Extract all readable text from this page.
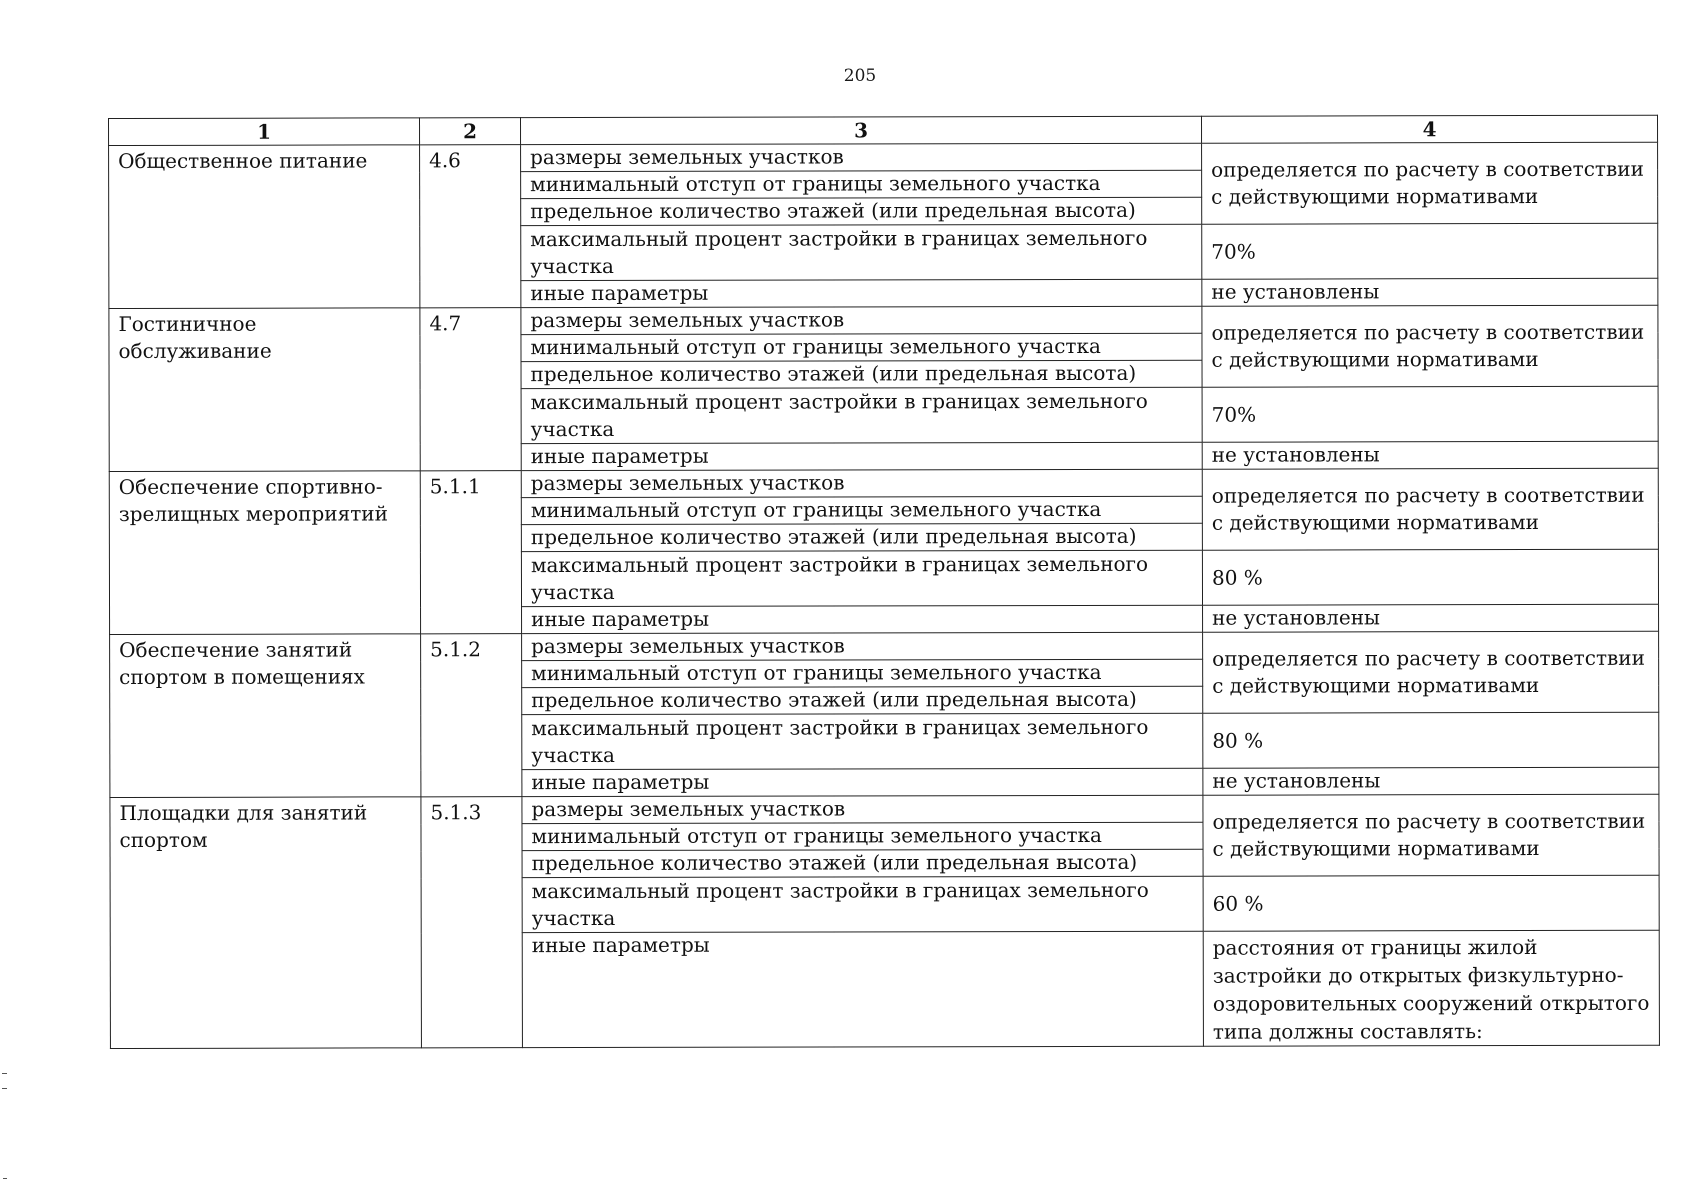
205
1	2	3	4
Общественное питание	4.6	размеры земельных участков	определяется по расчету в соответствии с действующими нормативами
		минимальный отступ от границы земельного участка	
		предельное количество этажей (или предельная высота)	
		максимальный процент застройки в границах земельного участка	70%
		иные параметры	не установлены
Гостиничное обслуживание	4.7	размеры земельных участков	определяется по расчету в соответствии с действующими нормативами
		минимальный отступ от границы земельного участка	
		предельное количество этажей (или предельная высота)	
		максимальный процент застройки в границах земельного участка	70%
		иные параметры	не установлены
Обеспечение спортивно-зрелищных мероприятий	5.1.1	размеры земельных участков	определяется по расчету в соответствии с действующими нормативами
		минимальный отступ от границы земельного участка	
		предельное количество этажей (или предельная высота)	
		максимальный процент застройки в границах земельного участка	80 %
		иные параметры	не установлены
Обеспечение занятий спортом в помещениях	5.1.2	размеры земельных участков	определяется по расчету в соответствии с действующими нормативами
		минимальный отступ от границы земельного участка	
		предельное количество этажей (или предельная высота)	
		максимальный процент застройки в границах земельного участка	80 %
		иные параметры	не установлены
Площадки для занятий спортом	5.1.3	размеры земельных участков	определяется по расчету в соответствии с действующими нормативами
		минимальный отступ от границы земельного участка	
		предельное количество этажей (или предельная высота)	
		максимальный процент застройки в границах земельного участка	60 %
		иные параметры	расстояния от границы жилой застройки до открытых физкультурно-оздоровительных сооружений открытого типа должны составлять:
